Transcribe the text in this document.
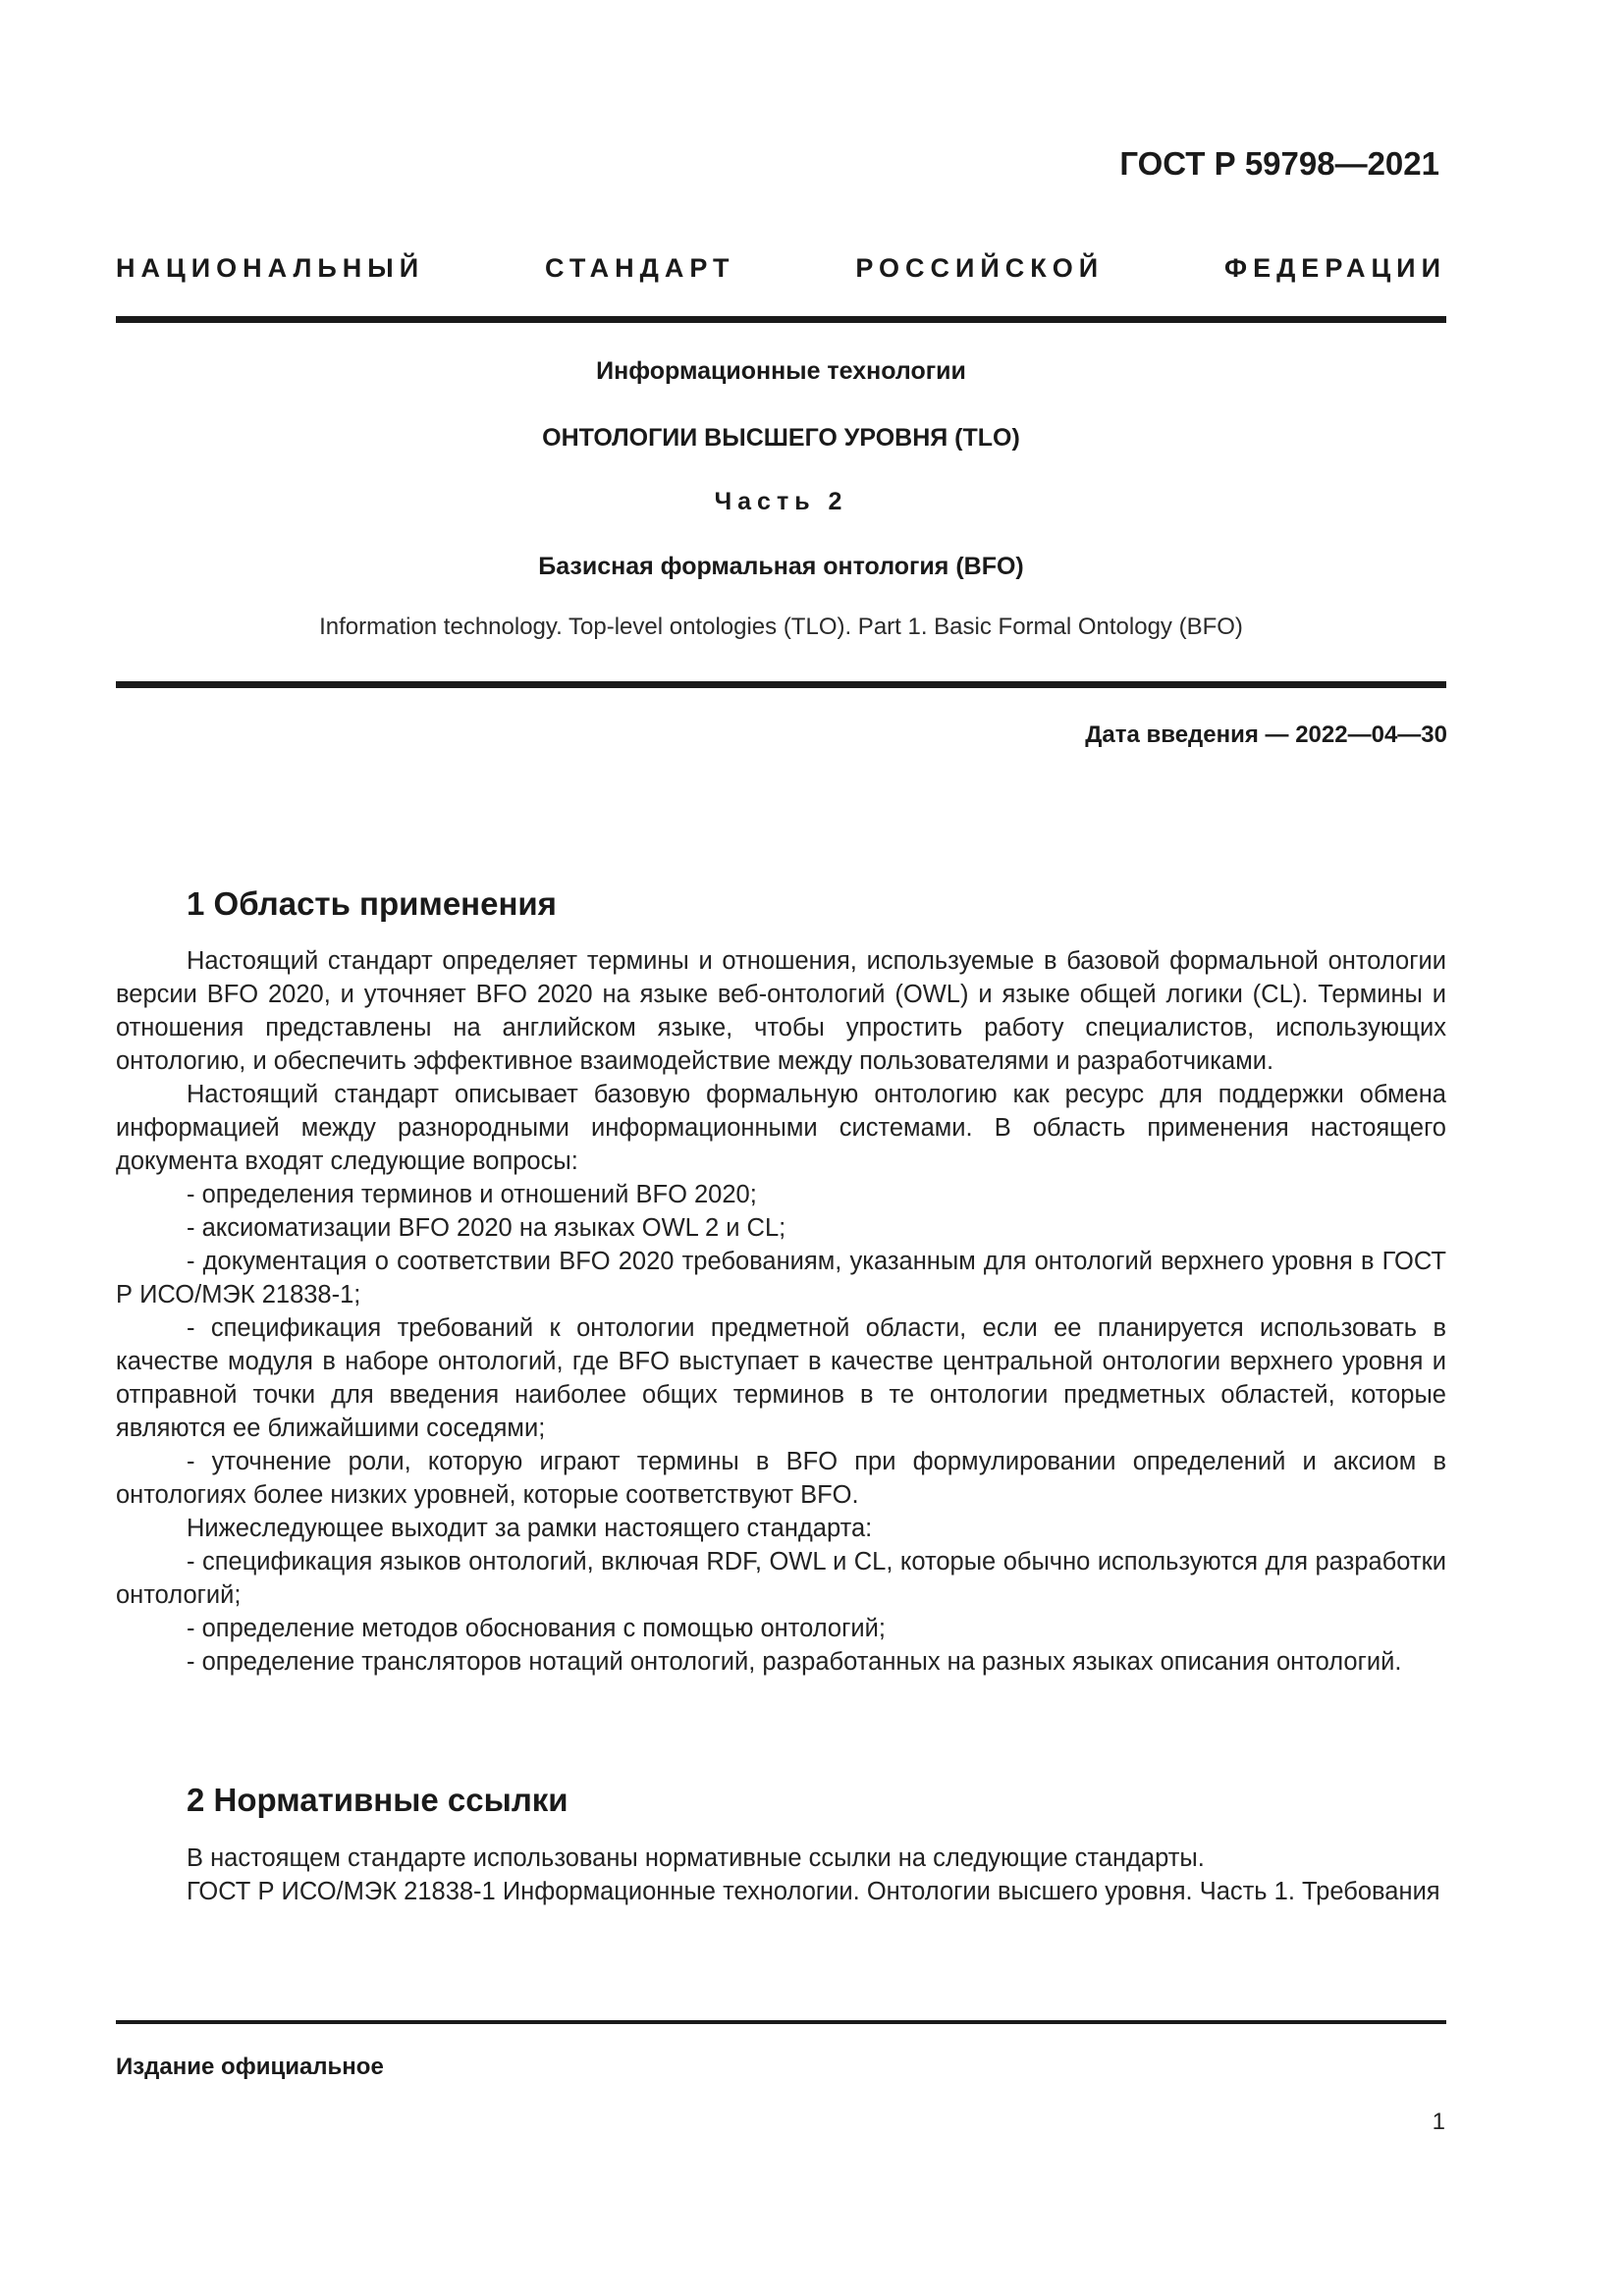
ГОСТ Р 59798—2021
НАЦИОНАЛЬНЫЙ СТАНДАРТ РОССИЙСКОЙ ФЕДЕРАЦИИ
Информационные технологии
ОНТОЛОГИИ ВЫСШЕГО УРОВНЯ (TLO)
Часть 2
Базисная формальная онтология (BFO)
Information technology. Top-level ontologies (TLO). Part 1. Basic Formal Ontology (BFO)
Дата введения — 2022—04—30
1 Область применения

Настоящий стандарт определяет термины и отношения, используемые в базовой формальной онтологии версии BFO 2020, и уточняет BFO 2020 на языке веб-онтологий (OWL) и языке общей логики (CL). Термины и отношения представлены на английском языке, чтобы упростить работу специалистов, использующих онтологию, и обеспечить эффективное взаимодействие между пользователями и разработчиками.

Настоящий стандарт описывает базовую формальную онтологию как ресурс для поддержки обмена информацией между разнородными информационными системами. В область применения настоящего документа входят следующие вопросы:

- определения терминов и отношений BFO 2020;

- аксиоматизации BFO 2020 на языках OWL 2 и CL;

- документация о соответствии BFO 2020 требованиям, указанным для онтологий верхнего уровня в ГОСТ Р ИСО/МЭК 21838-1;

- спецификация требований к онтологии предметной области, если ее планируется использовать в качестве модуля в наборе онтологий, где BFO выступает в качестве центральной онтологии верхнего уровня и отправной точки для введения наиболее общих терминов в те онтологии предметных областей, которые являются ее ближайшими соседями;

- уточнение роли, которую играют термины в BFO при формулировании определений и аксиом в онтологиях более низких уровней, которые соответствуют BFO.

Нижеследующее выходит за рамки настоящего стандарта:

- спецификация языков онтологий, включая RDF, OWL и CL, которые обычно используются для разработки онтологий;

- определение методов обоснования с помощью онтологий;

- определение трансляторов нотаций онтологий, разработанных на разных языках описания онтологий.

2 Нормативные ссылки

В настоящем стандарте использованы нормативные ссылки на следующие стандарты.

ГОСТ Р ИСО/МЭК 21838-1 Информационные технологии. Онтологии высшего уровня. Часть 1. Требования

Издание официальное
1
